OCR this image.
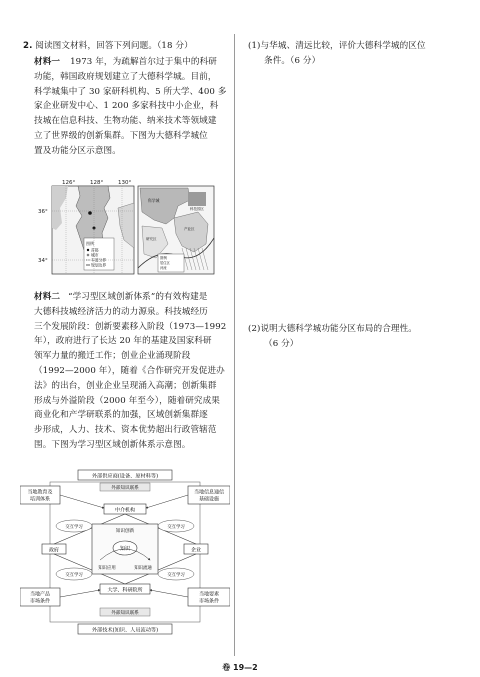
2. 阅读图文材料，回答下列问题。（18 分）
材料一 1973 年，为疏解首尔过于集中的科研
功能，韩国政府规划建立了大德科学城。目前，
科学城集中了 30 家研科机构、5 所大学、400 多
家企业研发中心、1 200 多家科技中小企业，科
技城在信息科技、生物功能、纳米技术等领域建
立了世界级的创新集群。下图为大德科学城位
置及功能分区示意图。
126°	128°	130°
36°
34°
图例
首都
城市
车道分界
规划边界
图例
居住区
河流
科学城
科技园区
研究区
产业区
材料二 “学习型区域创新体系”的有效构建是
大德科技城经济活力的动力源泉。科技城经历
三个发展阶段：创新要素移入阶段（1973—1992
年），政府进行了长达 20 年的基建及国家科研
领军力量的搬迁工作；创业企业涌现阶段
（1992—2000 年），随着《合作研究开发促进办
法》的出台，创业企业呈现涌入高潮；创新集群
形成与外溢阶段（2000 年至今），随着研究成果
商业化和产学研联系的加强，区域创新集群逐
步形成，人力、技术、资本优势超出行政管辖范
围。下图为学习型区域创新体系示意图。
外部供应商(设备、原材料等)
外部知识联系
当地教育及
培训体系
当地信息通信
基础设施
当地产品
市场条件
当地要素
市场条件
中介机构
政府	企业
大学、科研院所
知识创新
知识
知识应用	知识流通
交互学习	交互学习
交互学习	交互学习
外部知识联系
外部技术(知识、人员流动等)
(1)与华城、清远比较，评价大德科学城的区位
条件。（6 分）
(2)说明大德科学城功能分区布局的合理性。
（6 分）
卷 19—2
